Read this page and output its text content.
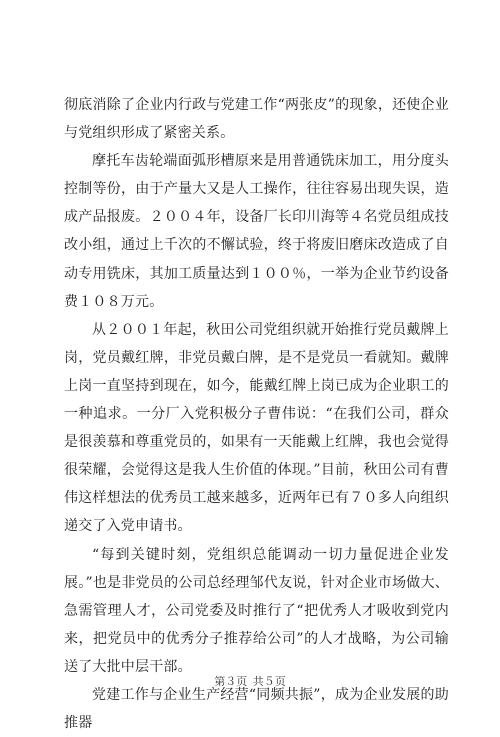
彻底消除了企业内行政与党建工作“两张皮”的现象，还使企业与党组织形成了紧密关系。

摩托车齿轮端面弧形槽原来是用普通铣床加工，用分度头控制等份，由于产量大又是人工操作，往往容易出现失误，造成产品报废。２００４年，设备厂长印川海等４名党员组成技改小组，通过上千次的不懈试验，终于将废旧磨床改造成了自动专用铣床，其加工质量达到１００％，一举为企业节约设备费１０８万元。

从２００１年起，秋田公司党组织就开始推行党员戴牌上岗，党员戴红牌，非党员戴白牌，是不是党员一看就知。戴牌上岗一直坚持到现在，如今，能戴红牌上岗已成为企业职工的一种追求。一分厂入党积极分子曹伟说：“在我们公司，群众是很羡慕和尊重党员的，如果有一天能戴上红牌，我也会觉得很荣耀，会觉得这是我人生价值的体现。”目前，秋田公司有曹伟这样想法的优秀员工越来越多，近两年已有７０多人向组织递交了入党申请书。

“每到关键时刻，党组织总能调动一切力量促进企业发展。”也是非党员的公司总经理邹代友说，针对企业市场做大、急需管理人才，公司党委及时推行了“把优秀人才吸收到党内来，把党员中的优秀分子推荐给公司”的人才战略，为公司输送了大批中层干部。

党建工作与企业生产经营“同频共振”，成为企业发展的助推器

第３页 共５页
